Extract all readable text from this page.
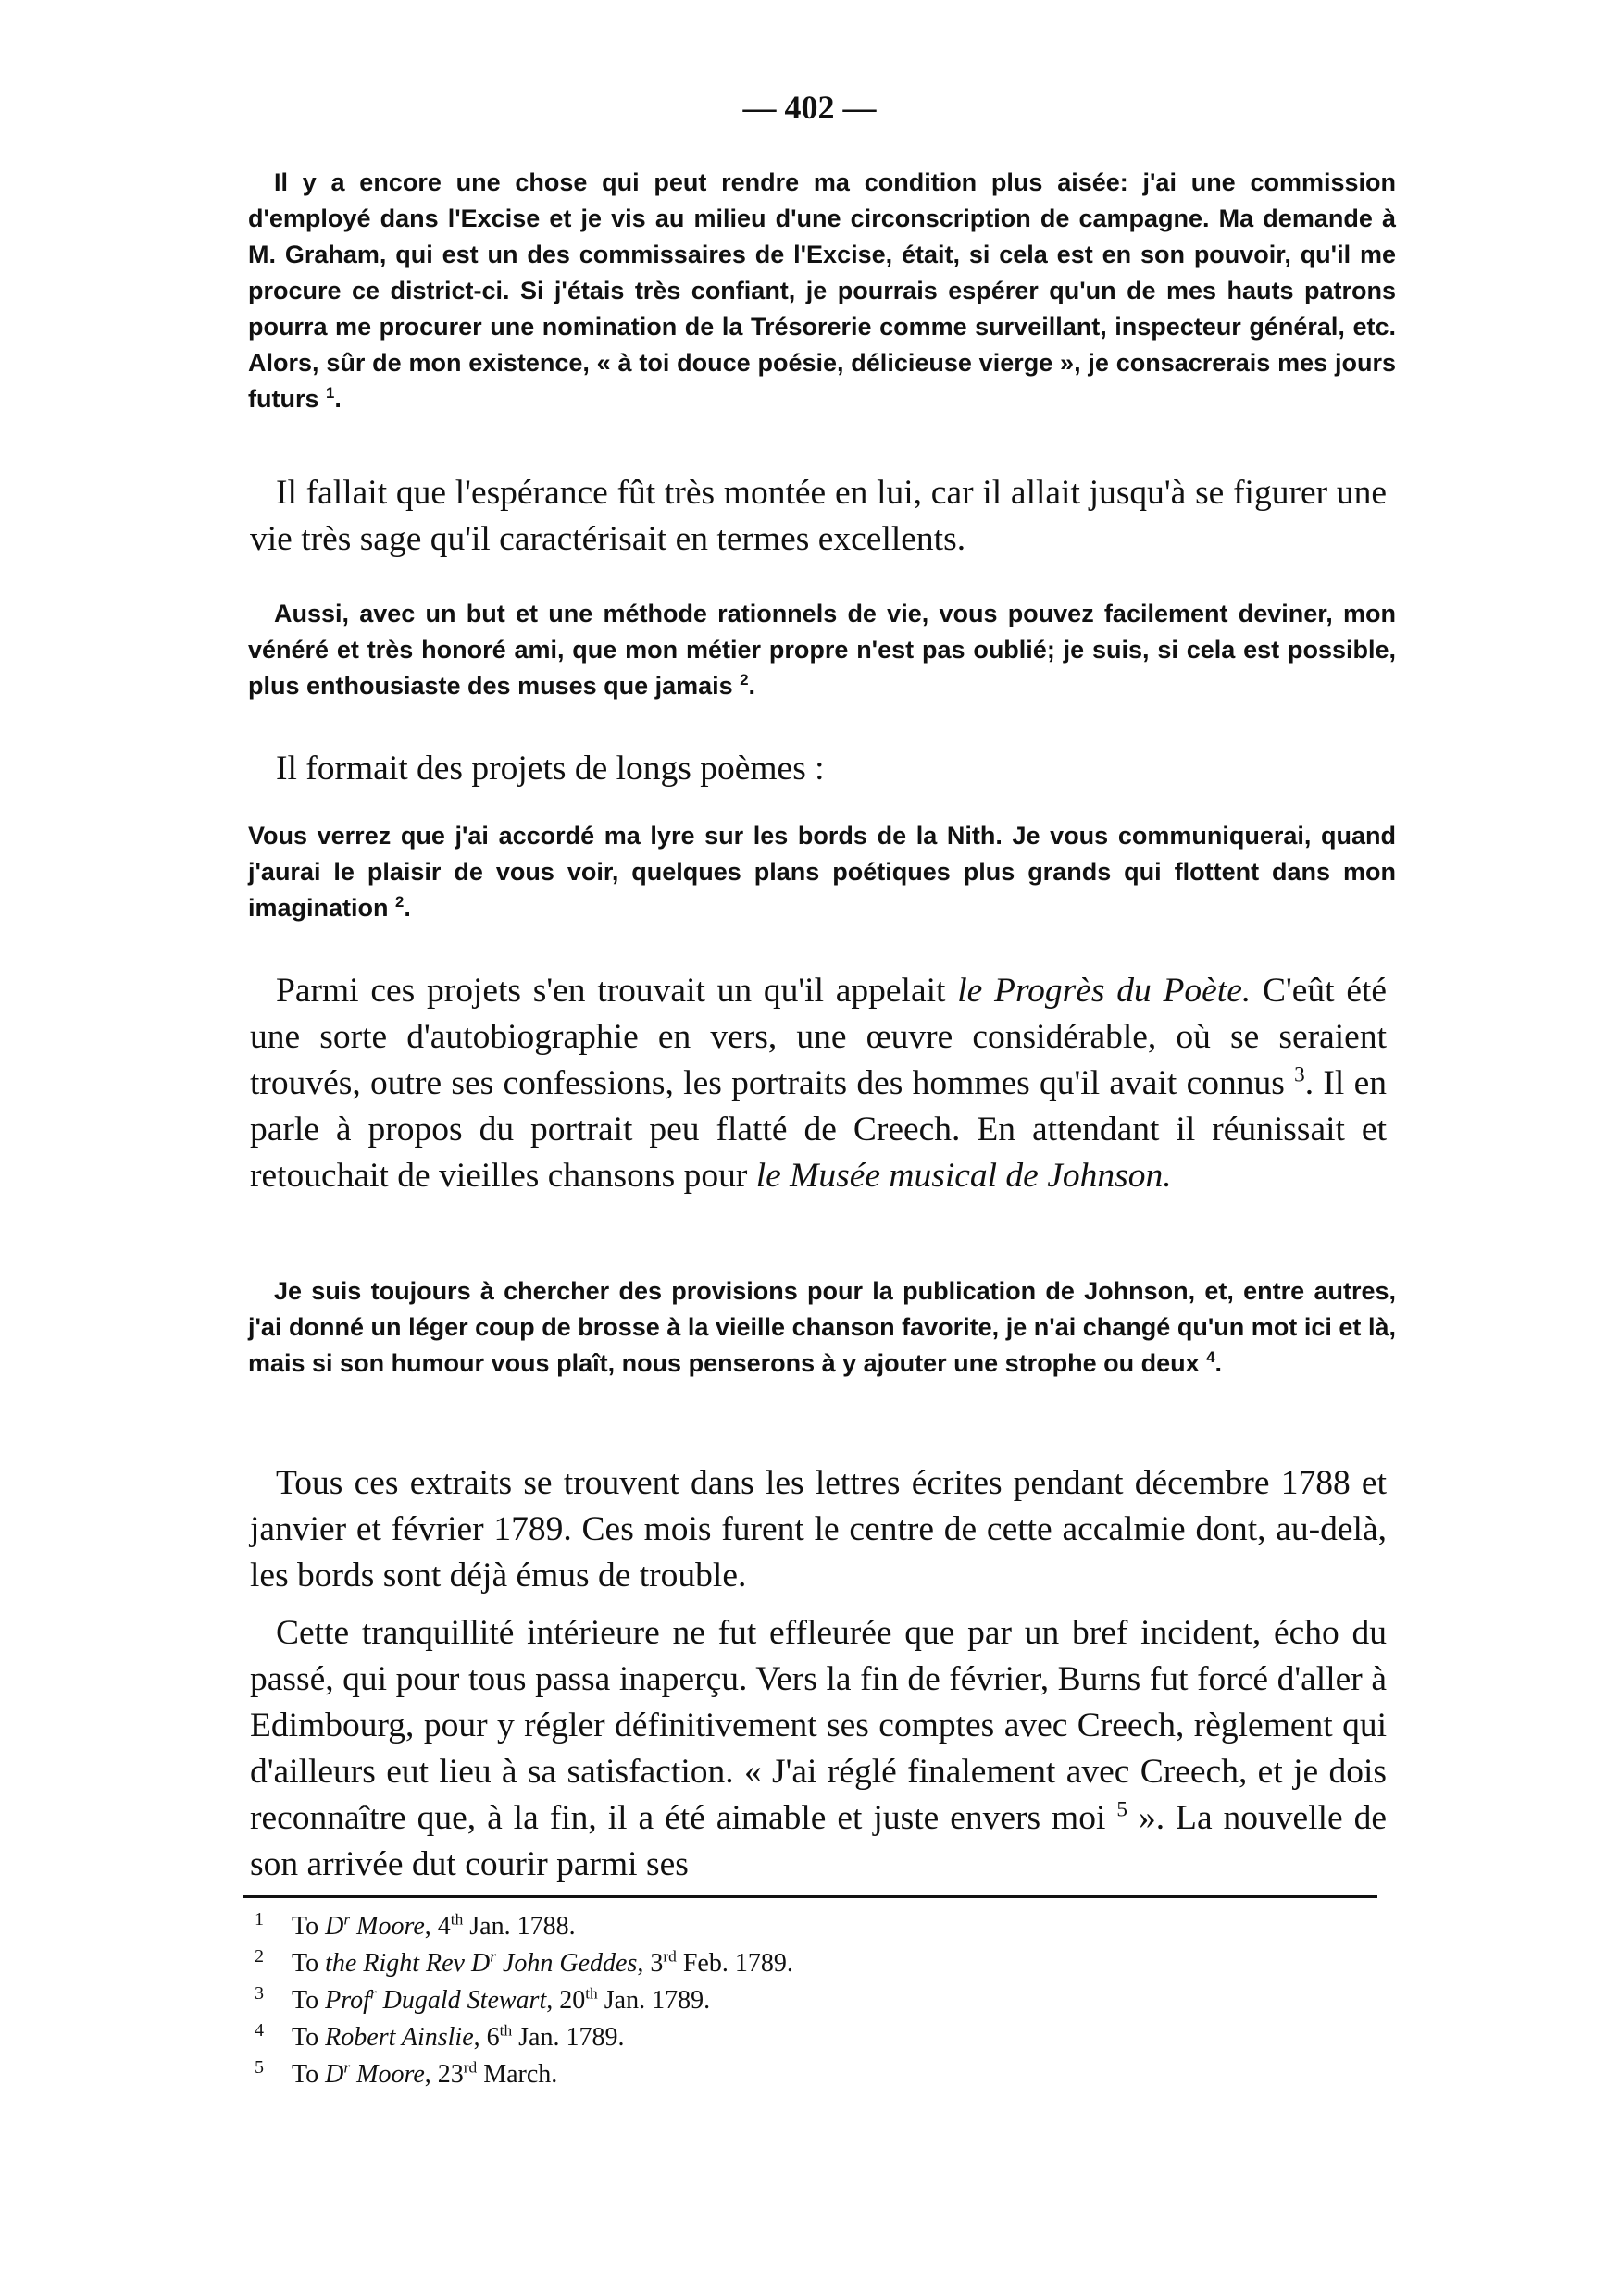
— 402 —

Il y a encore une chose qui peut rendre ma condition plus aisée: j'ai une commission d'employé dans l'Excise et je vis au milieu d'une circonscription de campagne. Ma demande à M. Graham, qui est un des commissaires de l'Excise, était, si cela est en son pouvoir, qu'il me procure ce district-ci. Si j'étais très confiant, je pourrais espérer qu'un de mes hauts patrons pourra me procurer une nomination de la Trésorerie comme surveillant, inspecteur général, etc. Alors, sûr de mon existence, « à toi douce poésie, délicieuse vierge », je consacrerais mes jours futurs $^1$.

Il fallait que l'espérance fût très montée en lui, car il allait jusqu'à se figurer une vie très sage qu'il caractérisait en termes excellents.

Aussi, avec un but et une méthode rationnels de vie, vous pouvez facilement deviner, mon vénéré et très honoré ami, que mon métier propre n'est pas oublié; je suis, si cela est possible, plus enthousiaste des muses que jamais $^2$.

Il formait des projets de longs poèmes :

Vous verrez que j'ai accordé ma lyre sur les bords de la Nith. Je vous communiquerai, quand j'aurai le plaisir de vous voir, quelques plans poétiques plus grands qui flottent dans mon imagination $^2$.

Parmi ces projets s'en trouvait un qu'il appelait le Progrès du Poète. C'eût été une sorte d'autobiographie en vers, une œuvre considérable, où se seraient trouvés, outre ses confessions, les portraits des hommes qu'il avait connus $^3$. Il en parle à propos du portrait peu flatté de Creech. En attendant il réunissait et retouchait de vieilles chansons pour le Musée musical de Johnson.

Je suis toujours à chercher des provisions pour la publication de Johnson, et, entre autres, j'ai donné un léger coup de brosse à la vieille chanson favorite, je n'ai changé qu'un mot ici et là, mais si son humour vous plaît, nous penserons à y ajouter une strophe ou deux $^4$.

Tous ces extraits se trouvent dans les lettres écrites pendant décembre 1788 et janvier et février 1789. Ces mois furent le centre de cette accalmie dont, au-delà, les bords sont déjà émus de trouble.

Cette tranquillité intérieure ne fut effleurée que par un bref incident, écho du passé, qui pour tous passa inaperçu. Vers la fin de février, Burns fut forcé d'aller à Edimbourg, pour y régler définitivement ses comptes avec Creech, règlement qui d'ailleurs eut lieu à sa satisfaction. « J'ai réglé finalement avec Creech, et je dois reconnaître que, à la fin, il a été aimable et juste envers moi $^5$ ». La nouvelle de son arrivée dut courir parmi ses

1 To $D^r$ Moore, 4th Jan. 1788.
2 To the Right Rev $D^r$ John Geddes, 3rd Feb. 1789.
3 To Prof$^r$ Dugald Stewart, 20th Jan. 1789.
4 To Robert Ainslie, 6th Jan. 1789.
5 To $D^r$ Moore, 23rd March.
